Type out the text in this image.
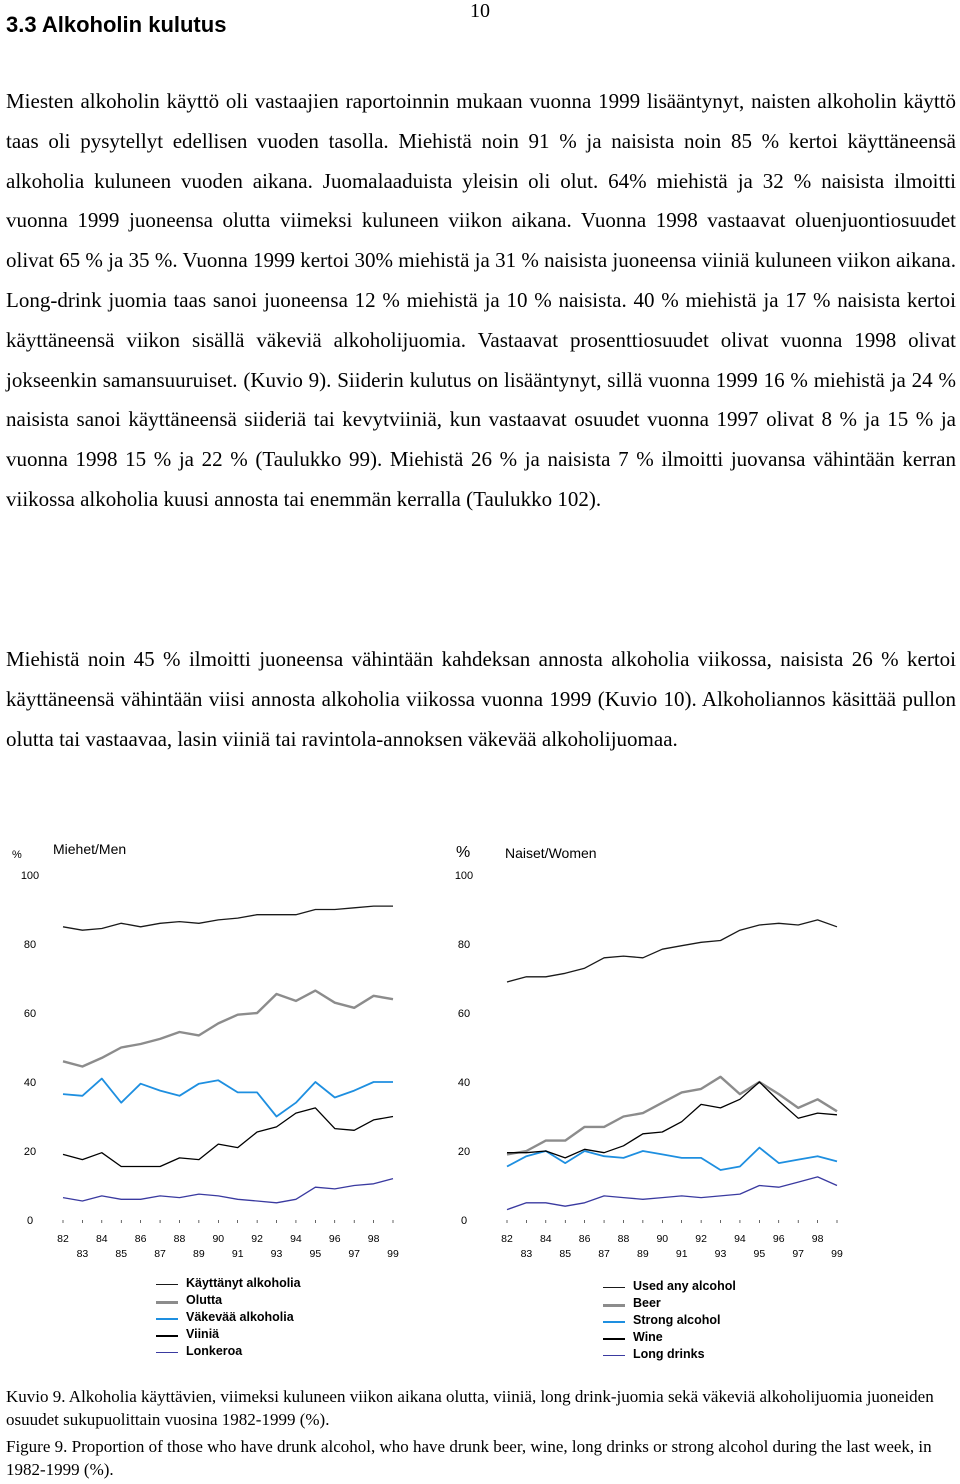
10
3.3 Alkoholin kulutus
Miesten alkoholin käyttö oli vastaajien raportoinnin mukaan vuonna 1999 lisääntynyt, naisten alkoholin käyttö taas oli pysytellyt edellisen vuoden tasolla. Miehistä noin 91 % ja naisista noin 85 % kertoi käyttäneensä alkoholia kuluneen vuoden aikana. Juomalaaduista yleisin oli olut. 64% miehistä ja 32 % naisista ilmoitti vuonna 1999 juoneensa olutta viimeksi kuluneen viikon aikana. Vuonna 1998 vastaavat oluenjuontiosuudet olivat 65 % ja 35 %. Vuonna 1999 kertoi 30% miehistä ja 31 % naisista juoneensa viiniä kuluneen viikon aikana. Long-drink juomia taas sanoi juoneensa 12 % miehistä ja 10 % naisista. 40 % miehistä ja 17 % naisista kertoi käyttäneensä viikon sisällä väkeviä alkoholijuomia. Vastaavat prosenttiosuudet olivat vuonna 1998 olivat jokseenkin samansuuruiset. (Kuvio 9). Siiderin kulutus on lisääntynyt, sillä vuonna 1999 16 % miehistä ja 24 % naisista sanoi käyttäneensä siideriä tai kevytviiniä, kun vastaavat osuudet vuonna 1997 olivat 8 % ja 15 % ja vuonna 1998 15 % ja 22 % (Taulukko 99). Miehistä 26 % ja naisista 7 % ilmoitti juovansa vähintään kerran viikossa alkoholia kuusi annosta tai enemmän kerralla (Taulukko 102).
Miehistä noin 45 % ilmoitti juoneensa vähintään kahdeksan annosta alkoholia viikossa, naisista 26 % kertoi käyttäneensä vähintään viisi annosta alkoholia viikossa vuonna 1999 (Kuvio 10). Alkoholiannos käsittää pullon olutta tai vastaavaa, lasin viiniä tai ravintola-annoksen väkevää alkoholijuomaa.
Miehet/Men
%
0
20
40
60
80
100
82	84	86	88	90	92	94	96	98
83	85	87	89	91	93	95	97	99
Naiset/Women
%
0
20
40
60
80
100
82	84	86	88	90	92	94	96	98
83	85	87	89	91	93	95	97	99
Käyttänyt alkoholia
Olutta
Väkevää alkoholia
Viiniä
Lonkeroa
Used any alcohol
Beer
Strong alcohol
Wine
Long drinks
Kuvio 9. Alkoholia käyttävien, viimeksi kuluneen viikon aikana olutta, viiniä, long drink-juomia sekä väkeviä alkoholijuomia juoneiden osuudet sukupuolittain vuosina 1982-1999 (%).
Figure 9. Proportion of those who have drunk alcohol, who have drunk beer, wine, long drinks or strong alcohol during the last week, in 1982-1999 (%).
